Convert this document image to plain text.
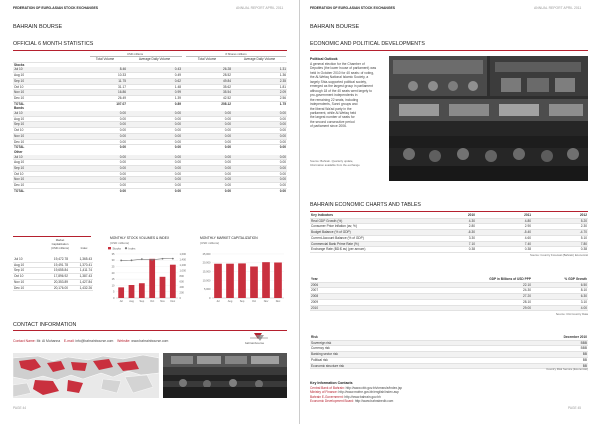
FEDERATION OF EURO-ASIAN STOCK EXCHANGES	ANNUAL REPORT APRIL 2011
BAHRAIN BOURSE
OFFICIAL 6 MONTH STATISTICS
USD millions	# Shares millions
	Total Volume	Average Daily Volume	Total Volume	Average Daily Volume
Stocks				
Jul 10	8.46	0.43	26.28	1.31
Aug 10	10.33	0.49	28.52	1.36
Sep 10	11.75	0.62	49.84	2.35
Oct 10	31.17	1.48	35.62	1.81
Nov 10	16.86	0.99	35.54	2.09
Dec 10	26.49	1.39	42.52	2.56
TOTAL	107.07	0.89	208.12	1.75
Bonds				
Jul 10	0.00	0.00	0.00	0.00
Aug 10	0.00	0.00	0.00	0.00
Sep 10	0.00	0.00	0.00	0.00
Oct 10	0.00	0.00	0.00	0.00
Nov 10	0.00	0.00	0.00	0.00
Dec 10	0.00	0.00	0.00	0.00
TOTAL	0.00	0.00	0.00	0.00
Other				
Jul 10	0.00	0.00	0.00	0.00
Aug 10	0.00	0.00	0.00	0.00
Sep 10	0.00	0.00	0.00	0.00
Oct 10	0.00	0.00	0.00	0.00
Nov 10	0.00	0.00	0.00	0.00
Dec 10	0.00	0.00	0.00	0.00
TOTAL	0.00	0.00	0.00	0.00
Market
Capitalization
(USD millions)	Index
Jul 10	19,472.78	1,365.43
Aug 10	19,491.78	1,370.41
Sep 10	19,655.84	1,411.74
Oct 10	17,896.92	1,387.43
Nov 10	20,353.89	1,427.84
Dec 10	20,176.00	1,432.26
MONTHLY STOCK VOLUMES & INDEX
(USD millions)
Stocks	Index
0
5
10
15
20
25
30
35
0
200
400
600
800
1,000
1,200
1,400
1,600
Jul Aug Sep Oct Nov Dec
MONTHLY MARKET CAPITALIZATION
(USD millions)
0
5,000
10,000
15,000
20,000
25,000
Jul	Aug	Sep	Oct	Nov	Dec
CONTACT INFORMATION
Contact Name: Mr. Al Muhanna E-mail: info@bahrainbourse.com Website: www.bahrainbourse.com	bahrainbourse
PAGE 44
FEDERATION OF EURO-ASIAN STOCK EXCHANGES	ANNUAL REPORT APRIL 2011
BAHRAIN BOURSE
ECONOMIC AND POLITICAL DEVELOPMENTS
Political Outlook
A general election for the Chamber of
Deputies (the lower house of parliament) was
held in October 2010 for 40 seats: of voting,
the Al-Wefaq National Islamic Society, a
largely Shia-supported political society,
emerged as the largest group in parliament
although 18 of the 40 seats went largely to
pro-government independents in
the remaining 22 seats, including
independents, Sunni groups and
the liberal Wa'ad party in the
parliament, while Al-Wefaq held
the largest number of seats for
the second consecutive period
of parliament since 2006.
Source: Bahrain. Quarterly update,
Information available from the exchange
BAHRAIN ECONOMIC CHARTS AND TABLES
Key Indicators	2010	2011	2012
Real GDP Growth (%)	4.30	4.80	5.20
Consumer Price Inflation (av; %)	2.80	2.90	2.30
Budget Balance (% of GDP)	-6.30	-5.40	-4.70
Current-Account Balance (% of GDP)	3.30	4.60	5.10
Commercial Bank Prime Rate (%)	7.10	7.40	7.80
Exchange Rate (BD:$ av) (per annum)	0.38	0.38	0.38
Source: Country Forecast (Bahrain) Economist
Year	GDP in Billions of USD PPP	% GDP Growth
2006	22.10	6.50
2007	24.30	8.10
2008	27.20	6.30
2009	28.10	3.10
2010	29.00	4.00
Source: CIA Country Data
Risk	December 2010
Sovereign risk	BBB
Currency risk	BBB
Banking sector risk	BB
Political risk	BB
Economic structure risk	BB
Country Risk Service (Economist)
Key Information Contacts
Central Bank of Bahrain: http://www.cbb.gov.bh/cmsrule/index.jsp
Ministry of Finance: http://www.mofne.gov.bh/english/index.asp
Bahrain E-Government: http://www.bahrain.gov.bh
Economic Development Board: http://www.bahrainedb.com
PAGE 45
